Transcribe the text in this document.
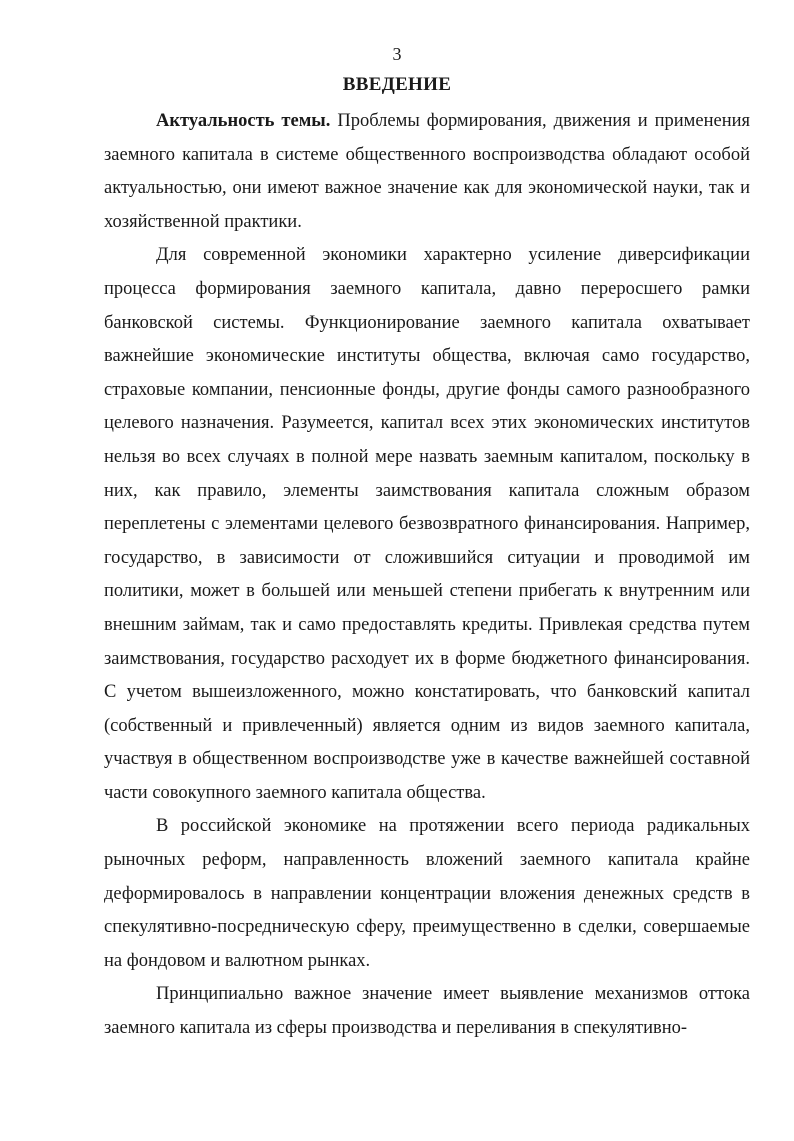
3
ВВЕДЕНИЕ

Актуальность темы. Проблемы формирования, движения и применения заемного капитала в системе общественного воспроизводства обладают особой актуальностью, они имеют важное значение как для экономической науки, так и хозяйственной практики.

Для современной экономики характерно усиление диверсификации процесса формирования заемного капитала, давно переросшего рамки банковской системы. Функционирование заемного капитала охватывает важнейшие экономические институты общества, включая само государство, страховые компании, пенсионные фонды, другие фонды самого разнообразного целевого назначения. Разумеется, капитал всех этих экономических институтов нельзя во всех случаях в полной мере назвать заемным капиталом, поскольку в них, как правило, элементы заимствования капитала сложным образом переплетены с элементами целевого безвозвратного финансирования. Например, государство, в зависимости от сложившийся ситуации и проводимой им политики, может в большей или меньшей степени прибегать к внутренним или внешним займам, так и само предоставлять кредиты. Привлекая средства путем заимствования, государство расходует их в форме бюджетного финансирования. С учетом вышеизложенного, можно констатировать, что банковский капитал (собственный и привлеченный) является одним из видов заемного капитала, участвуя в общественном воспроизводстве уже в качестве важнейшей составной части совокупного заемного капитала общества.

В российской экономике на протяжении всего периода радикальных рыночных реформ, направленность вложений заемного капитала крайне деформировалось в направлении концентрации вложения денежных средств в спекулятивно-посредническую сферу, преимущественно в сделки, совершаемые на фондовом и валютном рынках.

Принципиально важное значение имеет выявление механизмов оттока заемного капитала из сферы производства и переливания в спекулятивно-
